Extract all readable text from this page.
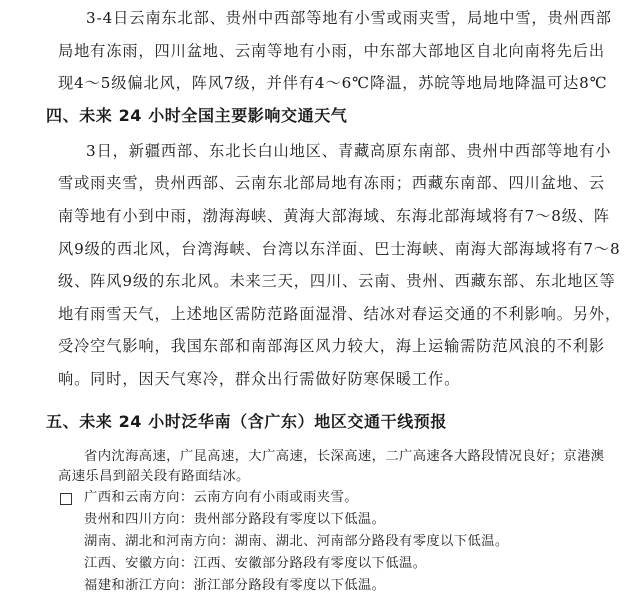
3-4日云南东北部、贵州中西部等地有小雪或雨夹雪，局地中雪，贵州西部
局地有冻雨，四川盆地、云南等地有小雨，中东部大部地区自北向南将先后出
现4～5级偏北风，阵风7级，并伴有4～6℃降温，苏皖等地局地降温可达8℃
四、未来 24 小时全国主要影响交通天气
3日，新疆西部、东北长白山地区、青藏高原东南部、贵州中西部等地有小
雪或雨夹雪，贵州西部、云南东北部局地有冻雨；西藏东南部、四川盆地、云
南等地有小到中雨，渤海海峡、黄海大部海域、东海北部海域将有7～8级、阵
风9级的西北风，台湾海峡、台湾以东洋面、巴士海峡、南海大部海域将有7～8
级、阵风9级的东北风。未来三天，四川、云南、贵州、西藏东部、东北地区等
地有雨雪天气，上述地区需防范路面湿滑、结冰对春运交通的不利影响。另外，
受冷空气影响，我国东部和南部海区风力较大，海上运输需防范风浪的不利影
响。同时，因天气寒冷，群众出行需做好防寒保暖工作。
五、未来 24 小时泛华南（含广东）地区交通干线预报
省内沈海高速，广昆高速，大广高速，长深高速，二广高速各大路段情况良好；京港澳
高速乐昌到韶关段有路面结冰。
广西和云南方向：云南方向有小雨或雨夹雪。
贵州和四川方向：贵州部分路段有零度以下低温。
湖南、湖北和河南方向：湖南、湖北、河南部分路段有零度以下低温。
江西、安徽方向：江西、安徽部分路段有零度以下低温。
福建和浙江方向：浙江部分路段有零度以下低温。
